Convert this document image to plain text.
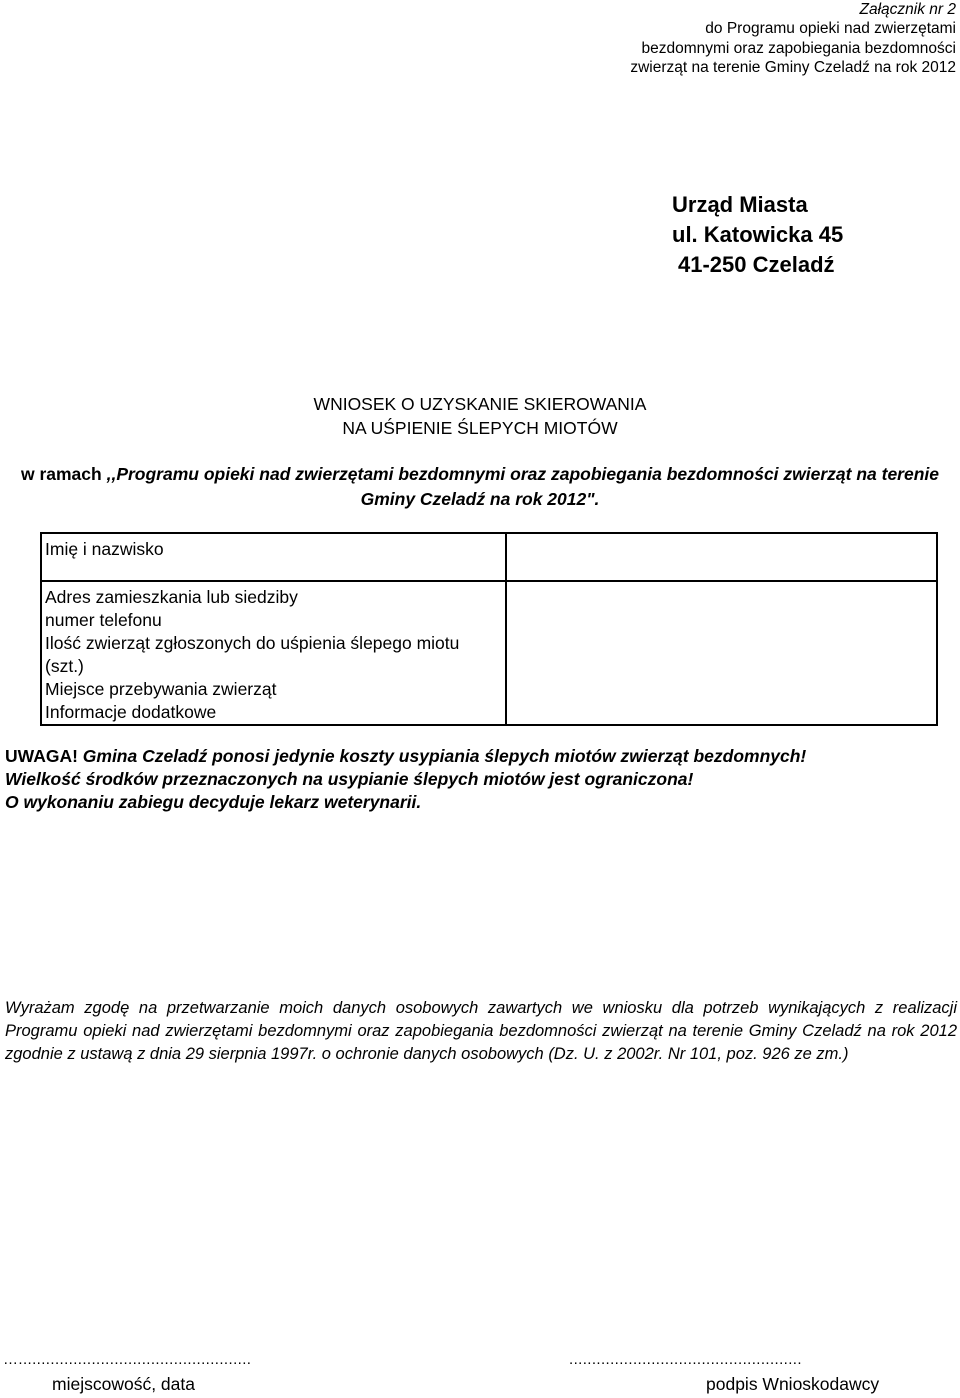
Załącznik nr 2
do Programu opieki nad zwierzętami
bezdomnymi oraz zapobiegania bezdomności
zwierząt na terenie Gminy Czeladź na rok 2012
Urząd Miasta
ul. Katowicka 45
41-250 Czeladź
WNIOSEK O UZYSKANIE SKIEROWANIA
NA UŚPIENIE ŚLEPYCH MIOTÓW
w ramach ,,Programu opieki nad zwierzętami bezdomnymi oraz zapobiegania bezdomności zwierząt na terenie Gminy Czeladź na rok 2012".
Imię i nazwisko	

Adres zamieszkania lub siedziby
numer telefonu
Ilość zwierząt zgłoszonych do uśpienia ślepego miotu (szt.)
Miejsce przebywania zwierząt
Informacje dodatkowe	

UWAGA! Gmina Czeladź ponosi jedynie koszty usypiania ślepych miotów zwierząt bezdomnych!
Wielkość środków przeznaczonych na usypianie ślepych miotów jest ograniczona!
O wykonaniu zabiegu decyduje lekarz weterynarii.
Wyrażam zgodę na przetwarzanie moich danych osobowych zawartych we wniosku dla potrzeb wynikających z realizacji Programu opieki nad zwierzętami bezdomnymi oraz zapobiegania bezdomności zwierząt na terenie Gminy Czeladź na rok 2012 zgodnie z ustawą z dnia 29 sierpnia 1997r. o ochronie danych osobowych (Dz. U. z 2002r. Nr 101, poz. 926 ze zm.)
…...................................................	...................................................
miejscowość, data	podpis Wnioskodawcy
